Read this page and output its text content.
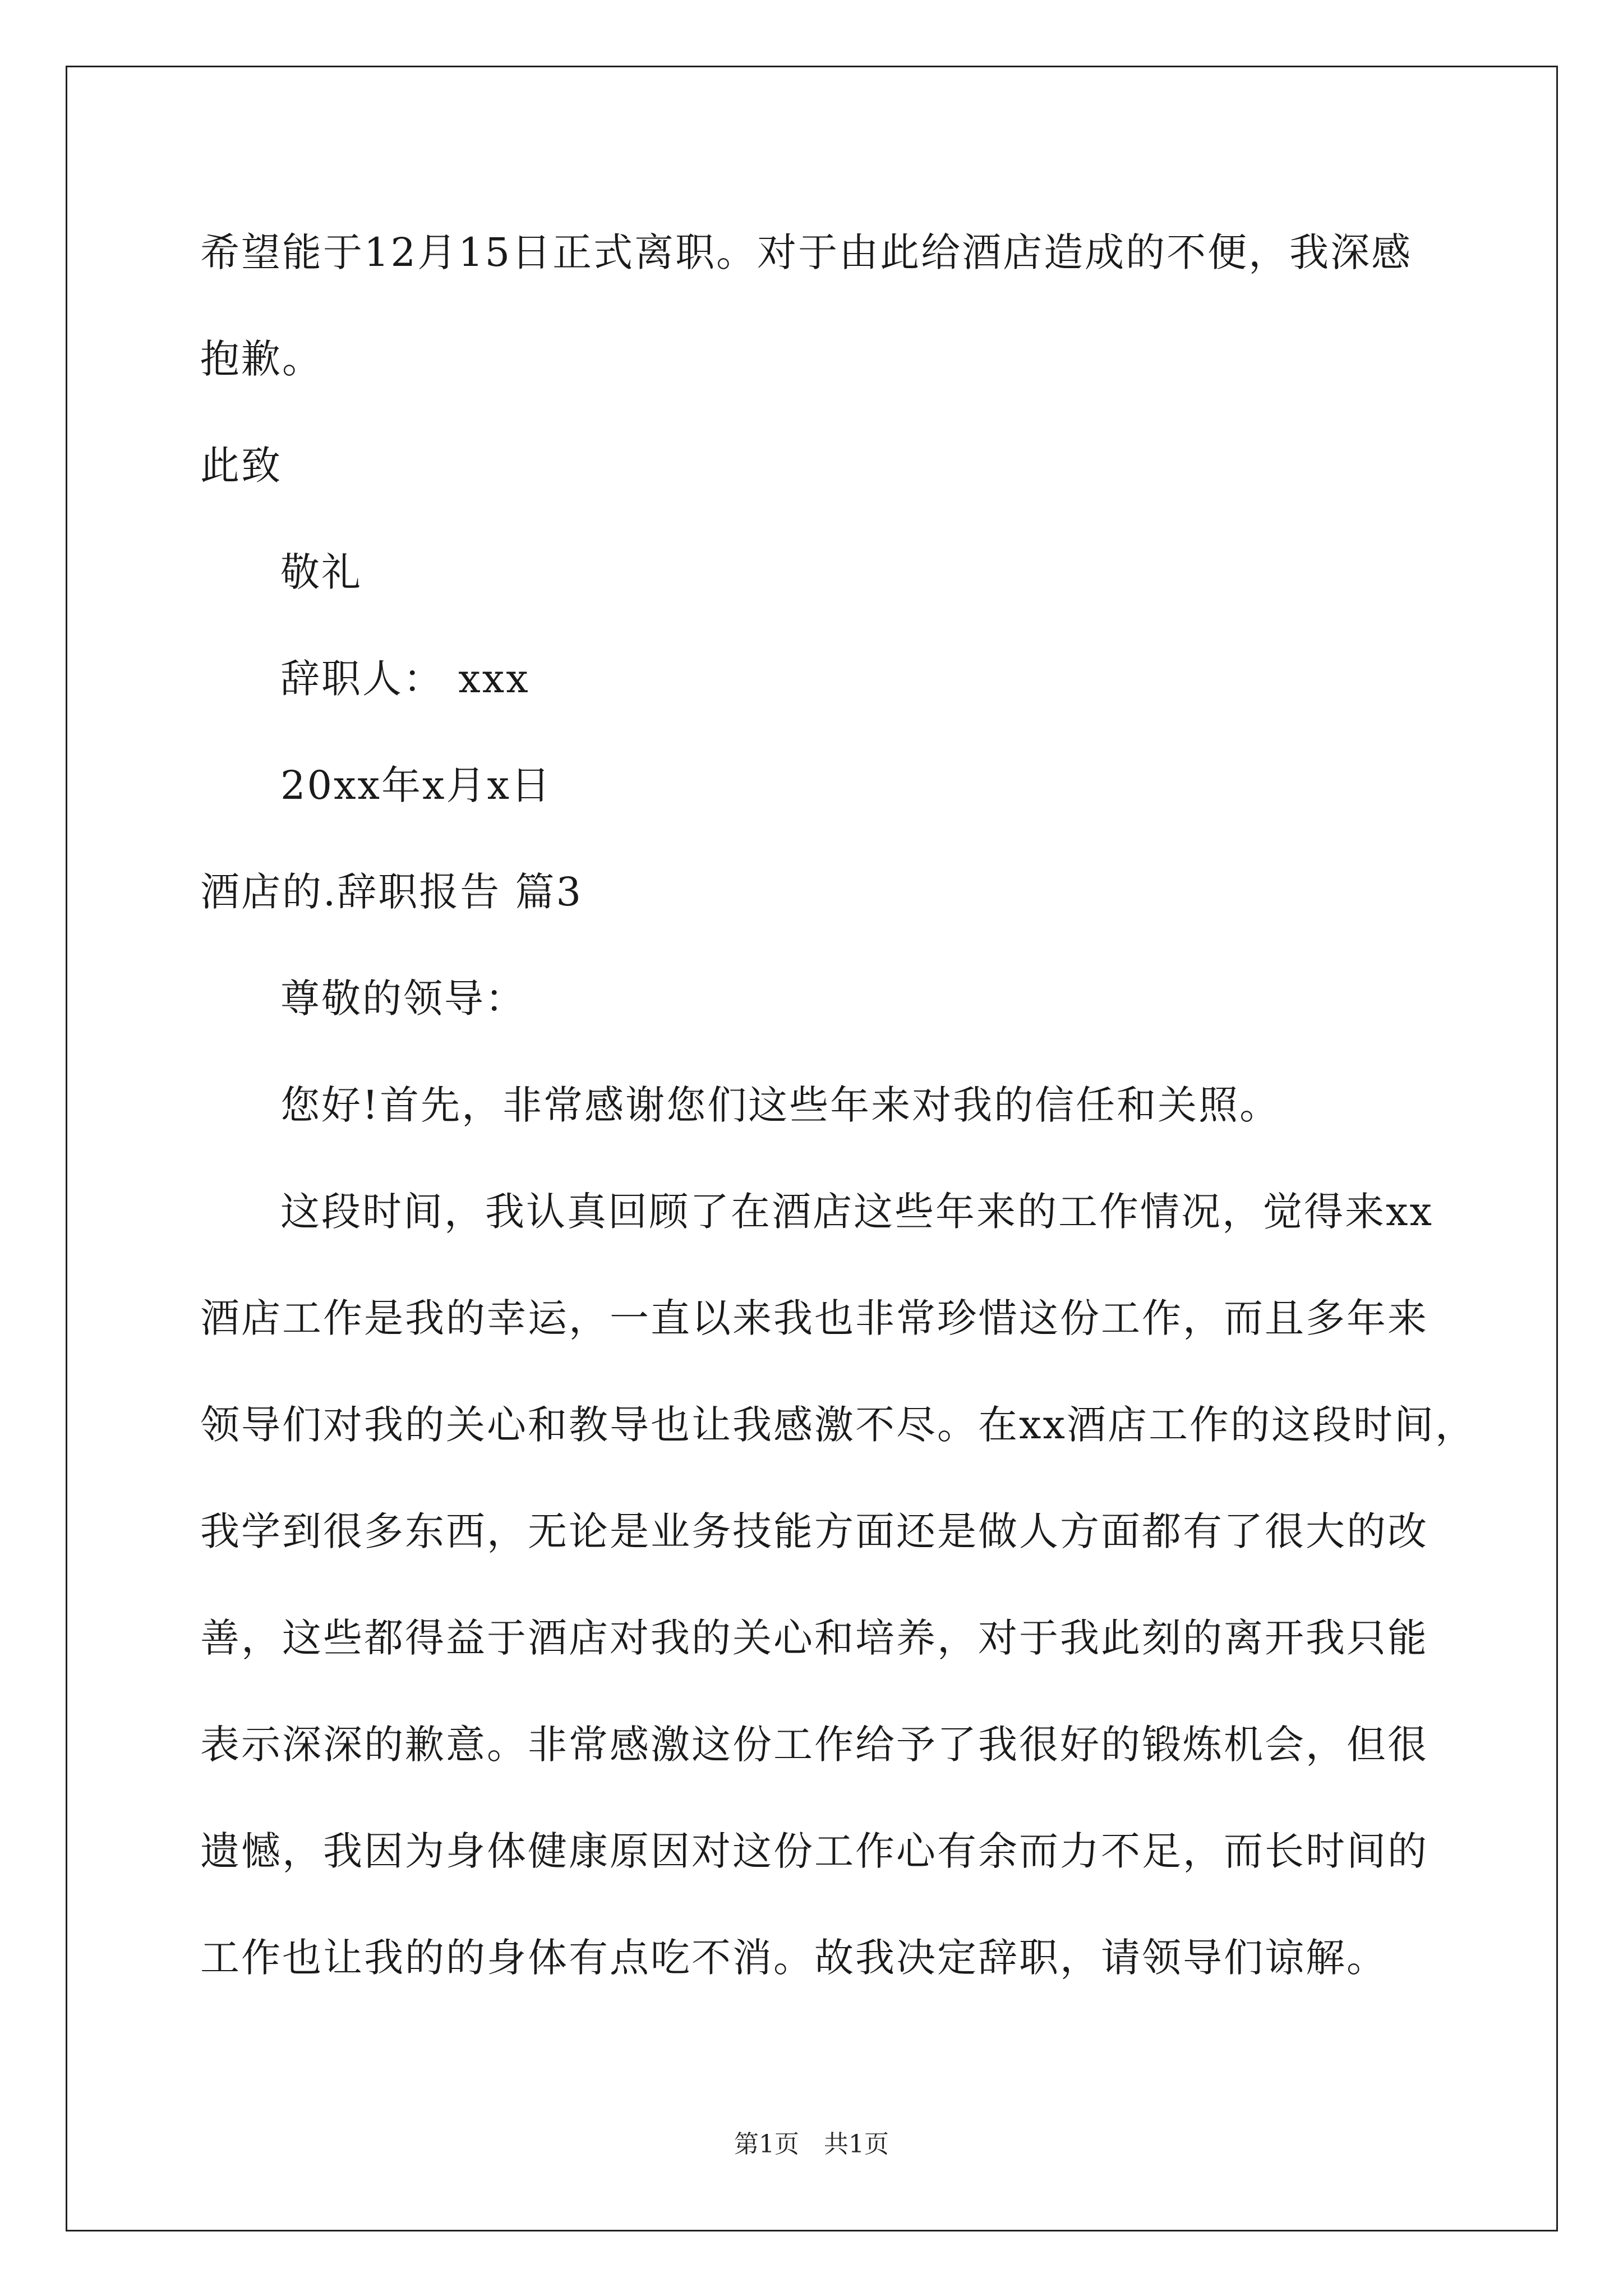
希望能于12月15日正式离职。对于由此给酒店造成的不便，我深感
抱歉。
此致
敬礼
辞职人： xxx
20xx年x月x日
酒店的.辞职报告 篇3
尊敬的领导：
您好!首先，非常感谢您们这些年来对我的信任和关照。
这段时间，我认真回顾了在酒店这些年来的工作情况，觉得来xx
酒店工作是我的幸运，一直以来我也非常珍惜这份工作，而且多年来
领导们对我的关心和教导也让我感激不尽。在xx酒店工作的这段时间，
我学到很多东西，无论是业务技能方面还是做人方面都有了很大的改
善，这些都得益于酒店对我的关心和培养，对于我此刻的离开我只能
表示深深的歉意。非常感激这份工作给予了我很好的锻炼机会，但很
遗憾，我因为身体健康原因对这份工作心有余而力不足，而长时间的
工作也让我的的身体有点吃不消。故我决定辞职，请领导们谅解。
第1页　共1页
